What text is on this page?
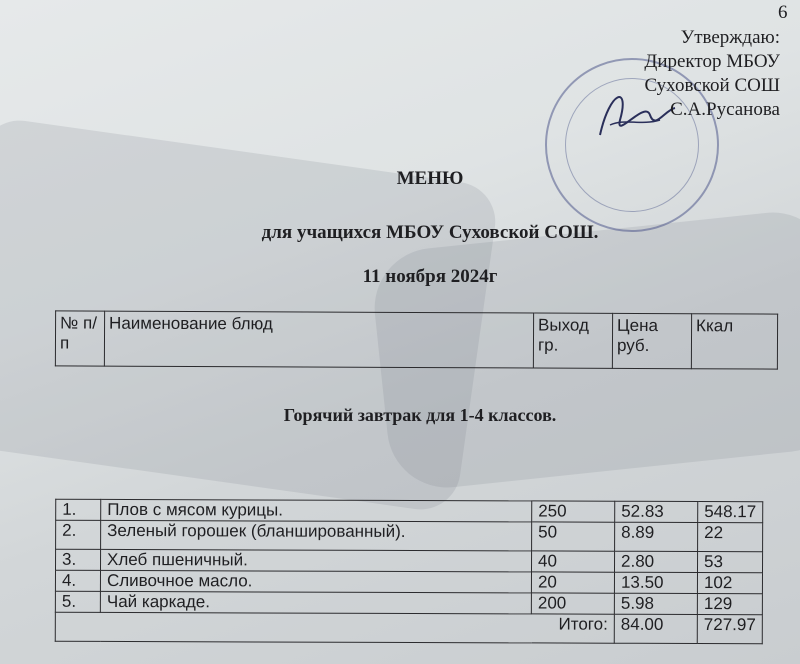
6
Утверждаю:
Директор МБОУ
Суховской СОШ
С.А.Русанова
МЕНЮ
для учащихся МБОУ Суховской СОШ.
11 ноября 2024г
№ п/п	Наименование блюд	Выход гр.	Цена руб.	Ккал
Горячий завтрак для 1-4 классов.
1.	Плов с мясом курицы.	250	52.83	548.17
2.	Зеленый горошек (бланшированный).	50	8.89	22
3.	Хлеб пшеничный.	40	2.80	53
4.	Сливочное масло.	20	13.50	102
5.	Чай каркаде.	200	5.98	129
Итого:			84.00	727.97
